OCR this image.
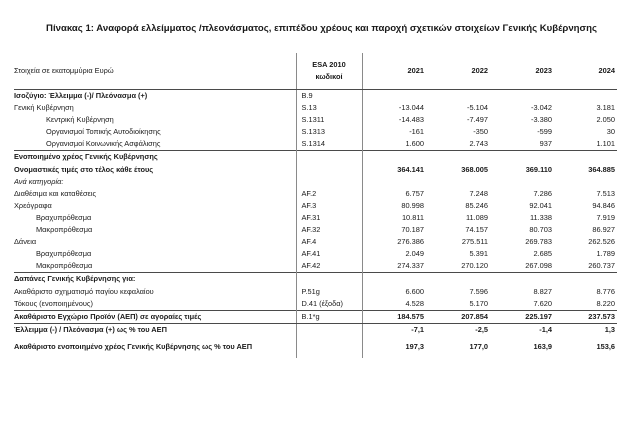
Πίνακας 1: Αναφορά ελλείμματος /πλεονάσματος, επιπέδου χρέους και παροχή σχετικών στοιχείων Γενικής Κυβέρνησης
Στοιχεία σε εκατομμύρια Ευρώ	ESA 2010
κωδικοί	2021	2022	2023	2024
Ισοζύγιο: Έλλειμμα (-)/ Πλεόνασμα (+)	B.9				
Γενική Κυβέρνηση	S.13	-13.044	-5.104	-3.042	3.181
Κεντρική Κυβέρνηση	S.1311	-14.483	-7.497	-3.380	2.050
Οργανισμοί Τοπικής Αυτοδιοίκησης	S.1313	-161	-350	-599	30
Οργανισμοί Κοινωνικής Ασφάλισης	S.1314	1.600	2.743	937	1.101
Ενοποιημένο χρέος Γενικής Κυβέρνησης					
Ονομαστικές τιμές στο τέλος κάθε έτους		364.141	368.005	369.110	364.885
Ανά κατηγορία:					
Διαθέσιμα και καταθέσεις	AF.2	6.757	7.248	7.286	7.513
Χρεόγραφα	AF.3	80.998	85.246	92.041	94.846
Βραχυπρόθεσμα	AF.31	10.811	11.089	11.338	7.919
Μακροπρόθεσμα	AF.32	70.187	74.157	80.703	86.927
Δάνεια	AF.4	276.386	275.511	269.783	262.526
Βραχυπρόθεσμα	AF.41	2.049	5.391	2.685	1.789
Μακροπρόθεσμα	AF.42	274.337	270.120	267.098	260.737
Δαπάνες Γενικής Κυβέρνησης για:					
Ακαθάριστο σχηματισμό παγίου κεφαλαίου	P.51g	6.600	7.596	8.827	8.776
Τόκους (ενοποιημένους)	D.41 (έξοδα)	4.528	5.170	7.620	8.220
Ακαθάριστο Εγχώριο Προϊόν (ΑΕΠ) σε αγοραίες τιμές	B.1*g	184.575	207.854	225.197	237.573
Έλλειμμα (-) / Πλεόνασμα (+) ως % του ΑΕΠ		-7,1	-2,5	-1,4	1,3
Ακαθάριστο ενοποιημένο χρέος Γενικής Κυβέρνησης ως % του ΑΕΠ		197,3	177,0	163,9	153,6
